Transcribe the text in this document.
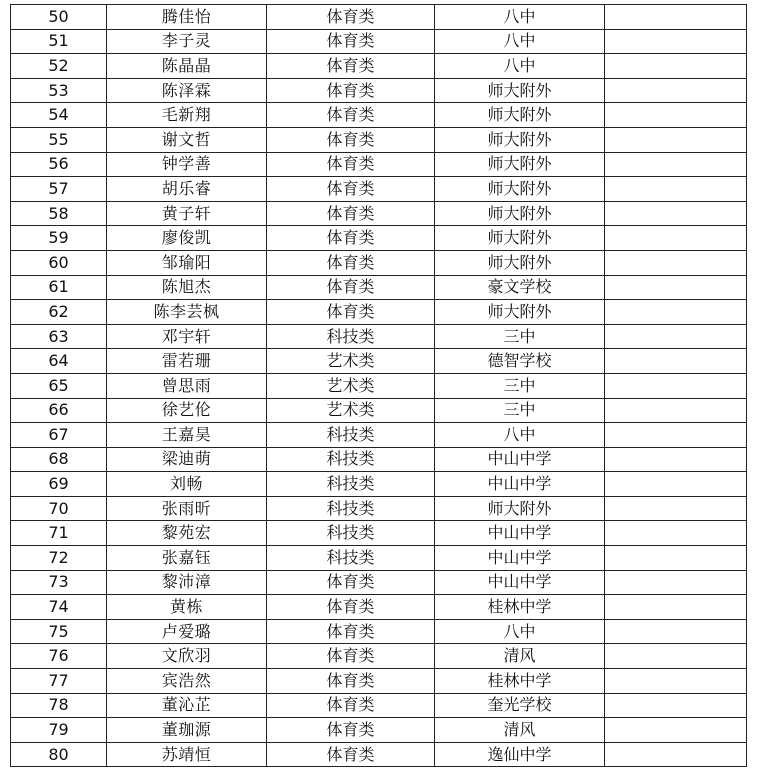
50	腾佳怡	体育类	八中	
51	李子灵	体育类	八中	
52	陈晶晶	体育类	八中	
53	陈泽霖	体育类	师大附外	
54	毛新翔	体育类	师大附外	
55	谢文哲	体育类	师大附外	
56	钟学善	体育类	师大附外	
57	胡乐睿	体育类	师大附外	
58	黄子轩	体育类	师大附外	
59	廖俊凯	体育类	师大附外	
60	邹瑜阳	体育类	师大附外	
61	陈旭杰	体育类	豪文学校	
62	陈李芸枫	体育类	师大附外	
63	邓宇轩	科技类	三中	
64	雷若珊	艺术类	德智学校	
65	曾思雨	艺术类	三中	
66	徐艺伦	艺术类	三中	
67	王嘉昊	科技类	八中	
68	梁迪萌	科技类	中山中学	
69	刘畅	科技类	中山中学	
70	张雨昕	科技类	师大附外	
71	黎苑宏	科技类	中山中学	
72	张嘉钰	科技类	中山中学	
73	黎沛漳	体育类	中山中学	
74	黄栋	体育类	桂林中学	
75	卢爱璐	体育类	八中	
76	文欣羽	体育类	清风	
77	宾浩然	体育类	桂林中学	
78	董沁芷	体育类	奎光学校	
79	董珈源	体育类	清风	
80	苏靖恒	体育类	逸仙中学	
